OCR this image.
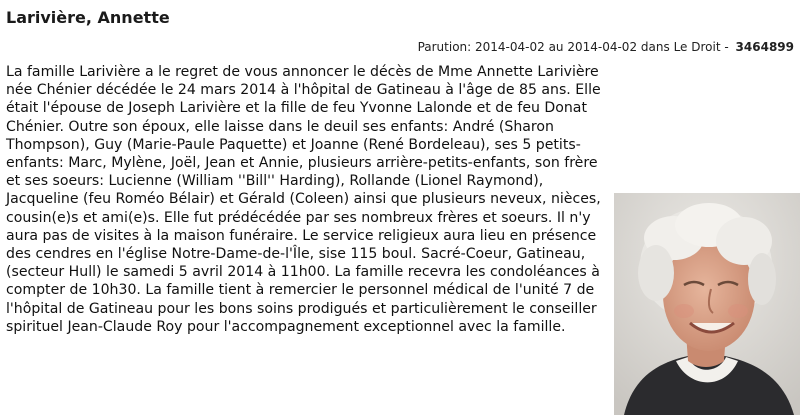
Larivière, Annette
Parution: 2014-04-02 au 2014-04-02 dans Le Droit - 3464899

La famille Larivière a le regret de vous annoncer le décès de Mme Annette Larivière née Chénier décédée le 24 mars 2014 à l'hôpital de Gatineau à l'âge de 85 ans. Elle était l'épouse de Joseph Larivière et la fille de feu Yvonne Lalonde et de feu Donat Chénier. Outre son époux, elle laisse dans le deuil ses enfants: André (Sharon Thompson), Guy (Marie-Paule Paquette) et Joanne (René Bordeleau), ses 5 petits-enfants: Marc, Mylène, Joël, Jean et Annie, plusieurs arrière-petits-enfants, son frère et ses soeurs: Lucienne (William ''Bill'' Harding), Rollande (Lionel Raymond), Jacqueline (feu Roméo Bélair) et Gérald (Coleen) ainsi que plusieurs neveux, nièces, cousin(e)s et ami(e)s. Elle fut prédécédée par ses nombreux frères et soeurs. Il n'y aura pas de visites à la maison funéraire. Le service religieux aura lieu en présence des cendres en l'église Notre-Dame-de-l'Île, sise 115 boul. Sacré-Coeur, Gatineau, (secteur Hull) le samedi 5 avril 2014 à 11h00. La famille recevra les condoléances à compter de 10h30. La famille tient à remercier le personnel médical de l'unité 7 de l'hôpital de Gatineau pour les bons soins prodigués et particulièrement le conseiller spirituel Jean-Claude Roy pour l'accompagnement exceptionnel avec la famille.
